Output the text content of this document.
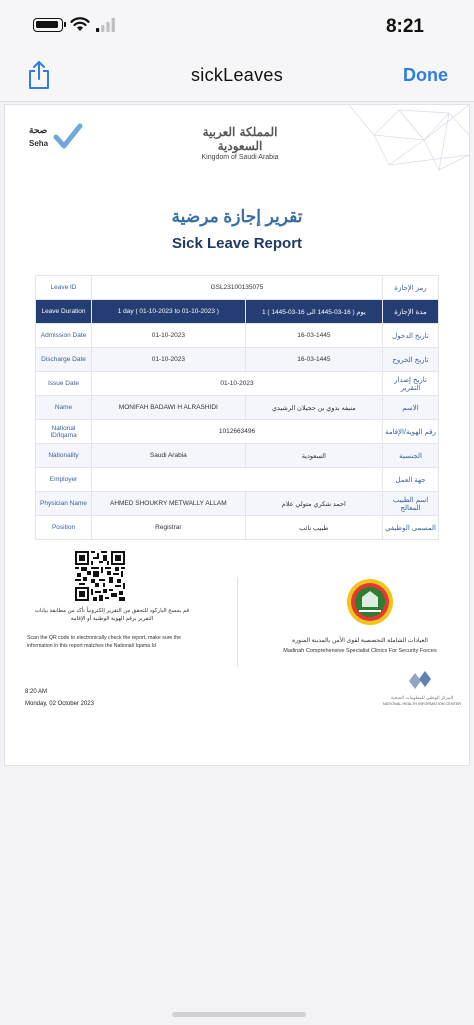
8:21
sickLeaves	Done
صحة
Seha
المملكة العربية السعودية
Kingdom of Saudi Arabia
تقرير إجازة مرضية
Sick Leave Report
Leave ID	GSL23100135075		رمز الإجازة
Leave Duration	1 day ( 01-10-2023 to 01-10-2023 )	1 يوم ( 16-03-1445 الى 16-03-1445 )	مدة الإجازة
Admission Date	01-10-2023	16-03-1445	تاريخ الدخول
Discharge Date	01-10-2023	16-03-1445	تاريخ الخروج
Issue Date	01-10-2023		تاريخ إصدار التقرير
Name	MONIFAH BADAWI H ALRASHIDI	منيفه بدوي بن حجيلان الرشيدي	الاسم
National ID/Iqama	1012663496		رقم الهوية/الإقامة
Nationality	Saudi Arabia	السعودية	الجنسية
Employer			جهة العمل
Physician Name	AHMED SHOUKRY METWALLY ALLAM	احمد شكري متولي علام	اسم الطبيب المعالج
Position	Registrar	طبيب نائب	المسمى الوظيفي
قم بمسح الباركود للتحقق من التقرير إلكترونياً تأكد من مطابقة بيانات التقرير برقم الهوية الوطنية أو الإقامة
Scan the QR code to electronically check the report, make sure the information in this report matches the National/ Iqama Id
العيادات الشاملة التخصصية لقوى الأمن بالمدينة المنورة
Madinah Comprehensive Specialist Clinics For Security Forces
8:20 AM
Monday, 02 October 2023
المركز الوطني للمعلومات الصحية
NATIONAL HEALTH INFORMATION CENTER
